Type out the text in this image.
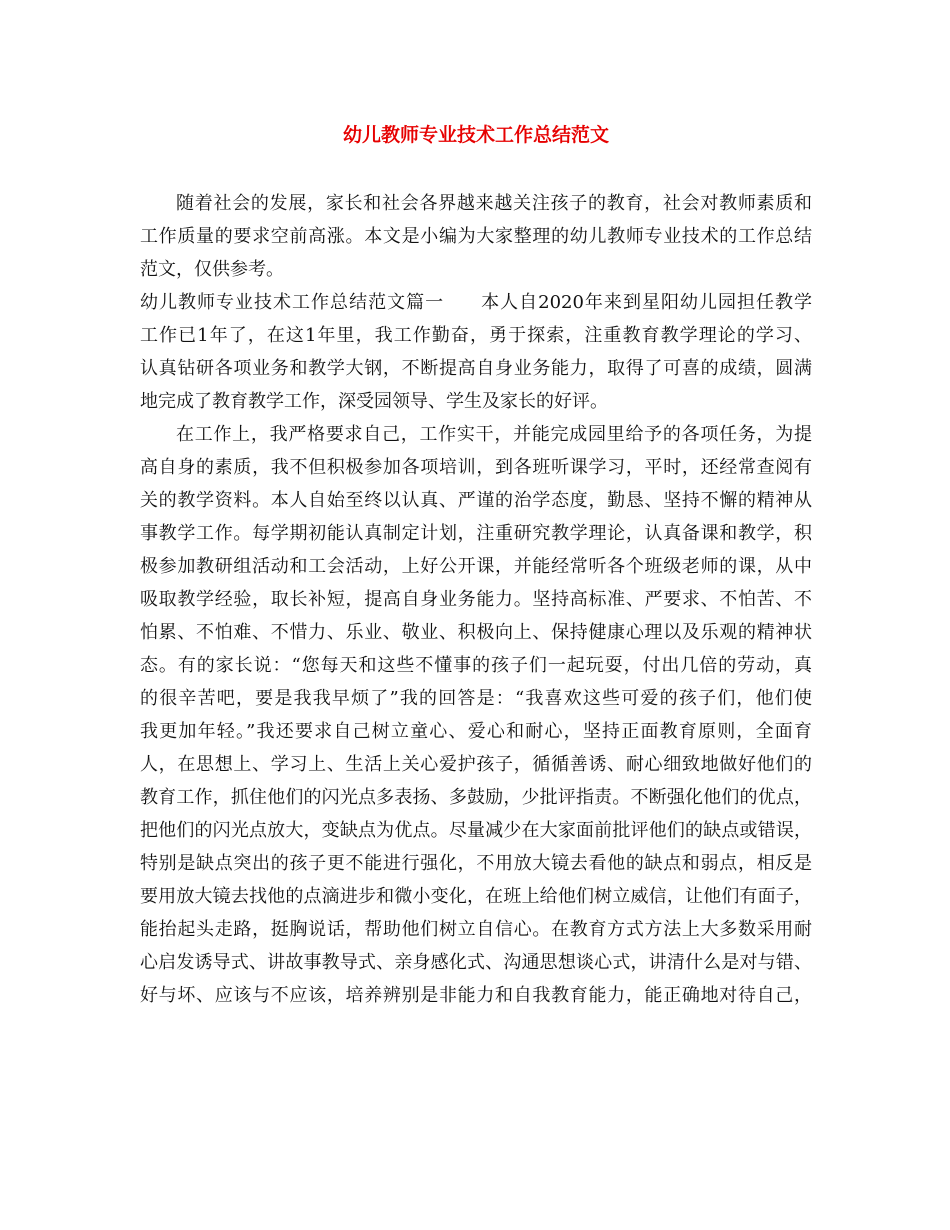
幼儿教师专业技术工作总结范文
随着社会的发展，家长和社会各界越来越关注孩子的教育，社会对教师素质和
工作质量的要求空前高涨。本文是小编为大家整理的幼儿教师专业技术的工作总结
范文，仅供参考。
幼儿教师专业技术工作总结范文篇一 本人自2020年来到星阳幼儿园担任教学
工作已1年了，在这1年里，我工作勤奋，勇于探索，注重教育教学理论的学习、
认真钻研各项业务和教学大钢，不断提高自身业务能力，取得了可喜的成绩，圆满
地完成了教育教学工作，深受园领导、学生及家长的好评。
在工作上，我严格要求自己，工作实干，并能完成园里给予的各项任务，为提
高自身的素质，我不但积极参加各项培训，到各班听课学习，平时，还经常查阅有
关的教学资料。本人自始至终以认真、严谨的治学态度，勤恳、坚持不懈的精神从
事教学工作。每学期初能认真制定计划，注重研究教学理论，认真备课和教学，积
极参加教研组活动和工会活动，上好公开课，并能经常听各个班级老师的课，从中
吸取教学经验，取长补短，提高自身业务能力。坚持高标准、严要求、不怕苦、不
怕累、不怕难、不惜力、乐业、敬业、积极向上、保持健康心理以及乐观的精神状
态。有的家长说：“您每天和这些不懂事的孩子们一起玩耍，付出几倍的劳动，真
的很辛苦吧，要是我我早烦了”我的回答是：“我喜欢这些可爱的孩子们，他们使
我更加年轻。”我还要求自己树立童心、爱心和耐心，坚持正面教育原则，全面育
人，在思想上、学习上、生活上关心爱护孩子，循循善诱、耐心细致地做好他们的
教育工作，抓住他们的闪光点多表扬、多鼓励，少批评指责。不断强化他们的优点，
把他们的闪光点放大，变缺点为优点。尽量减少在大家面前批评他们的缺点或错误，
特别是缺点突出的孩子更不能进行强化，不用放大镜去看他的缺点和弱点，相反是
要用放大镜去找他的点滴进步和微小变化，在班上给他们树立威信，让他们有面子，
能抬起头走路，挺胸说话，帮助他们树立自信心。在教育方式方法上大多数采用耐
心启发诱导式、讲故事教导式、亲身感化式、沟通思想谈心式，讲清什么是对与错、
好与坏、应该与不应该，培养辨别是非能力和自我教育能力，能正确地对待自己，
